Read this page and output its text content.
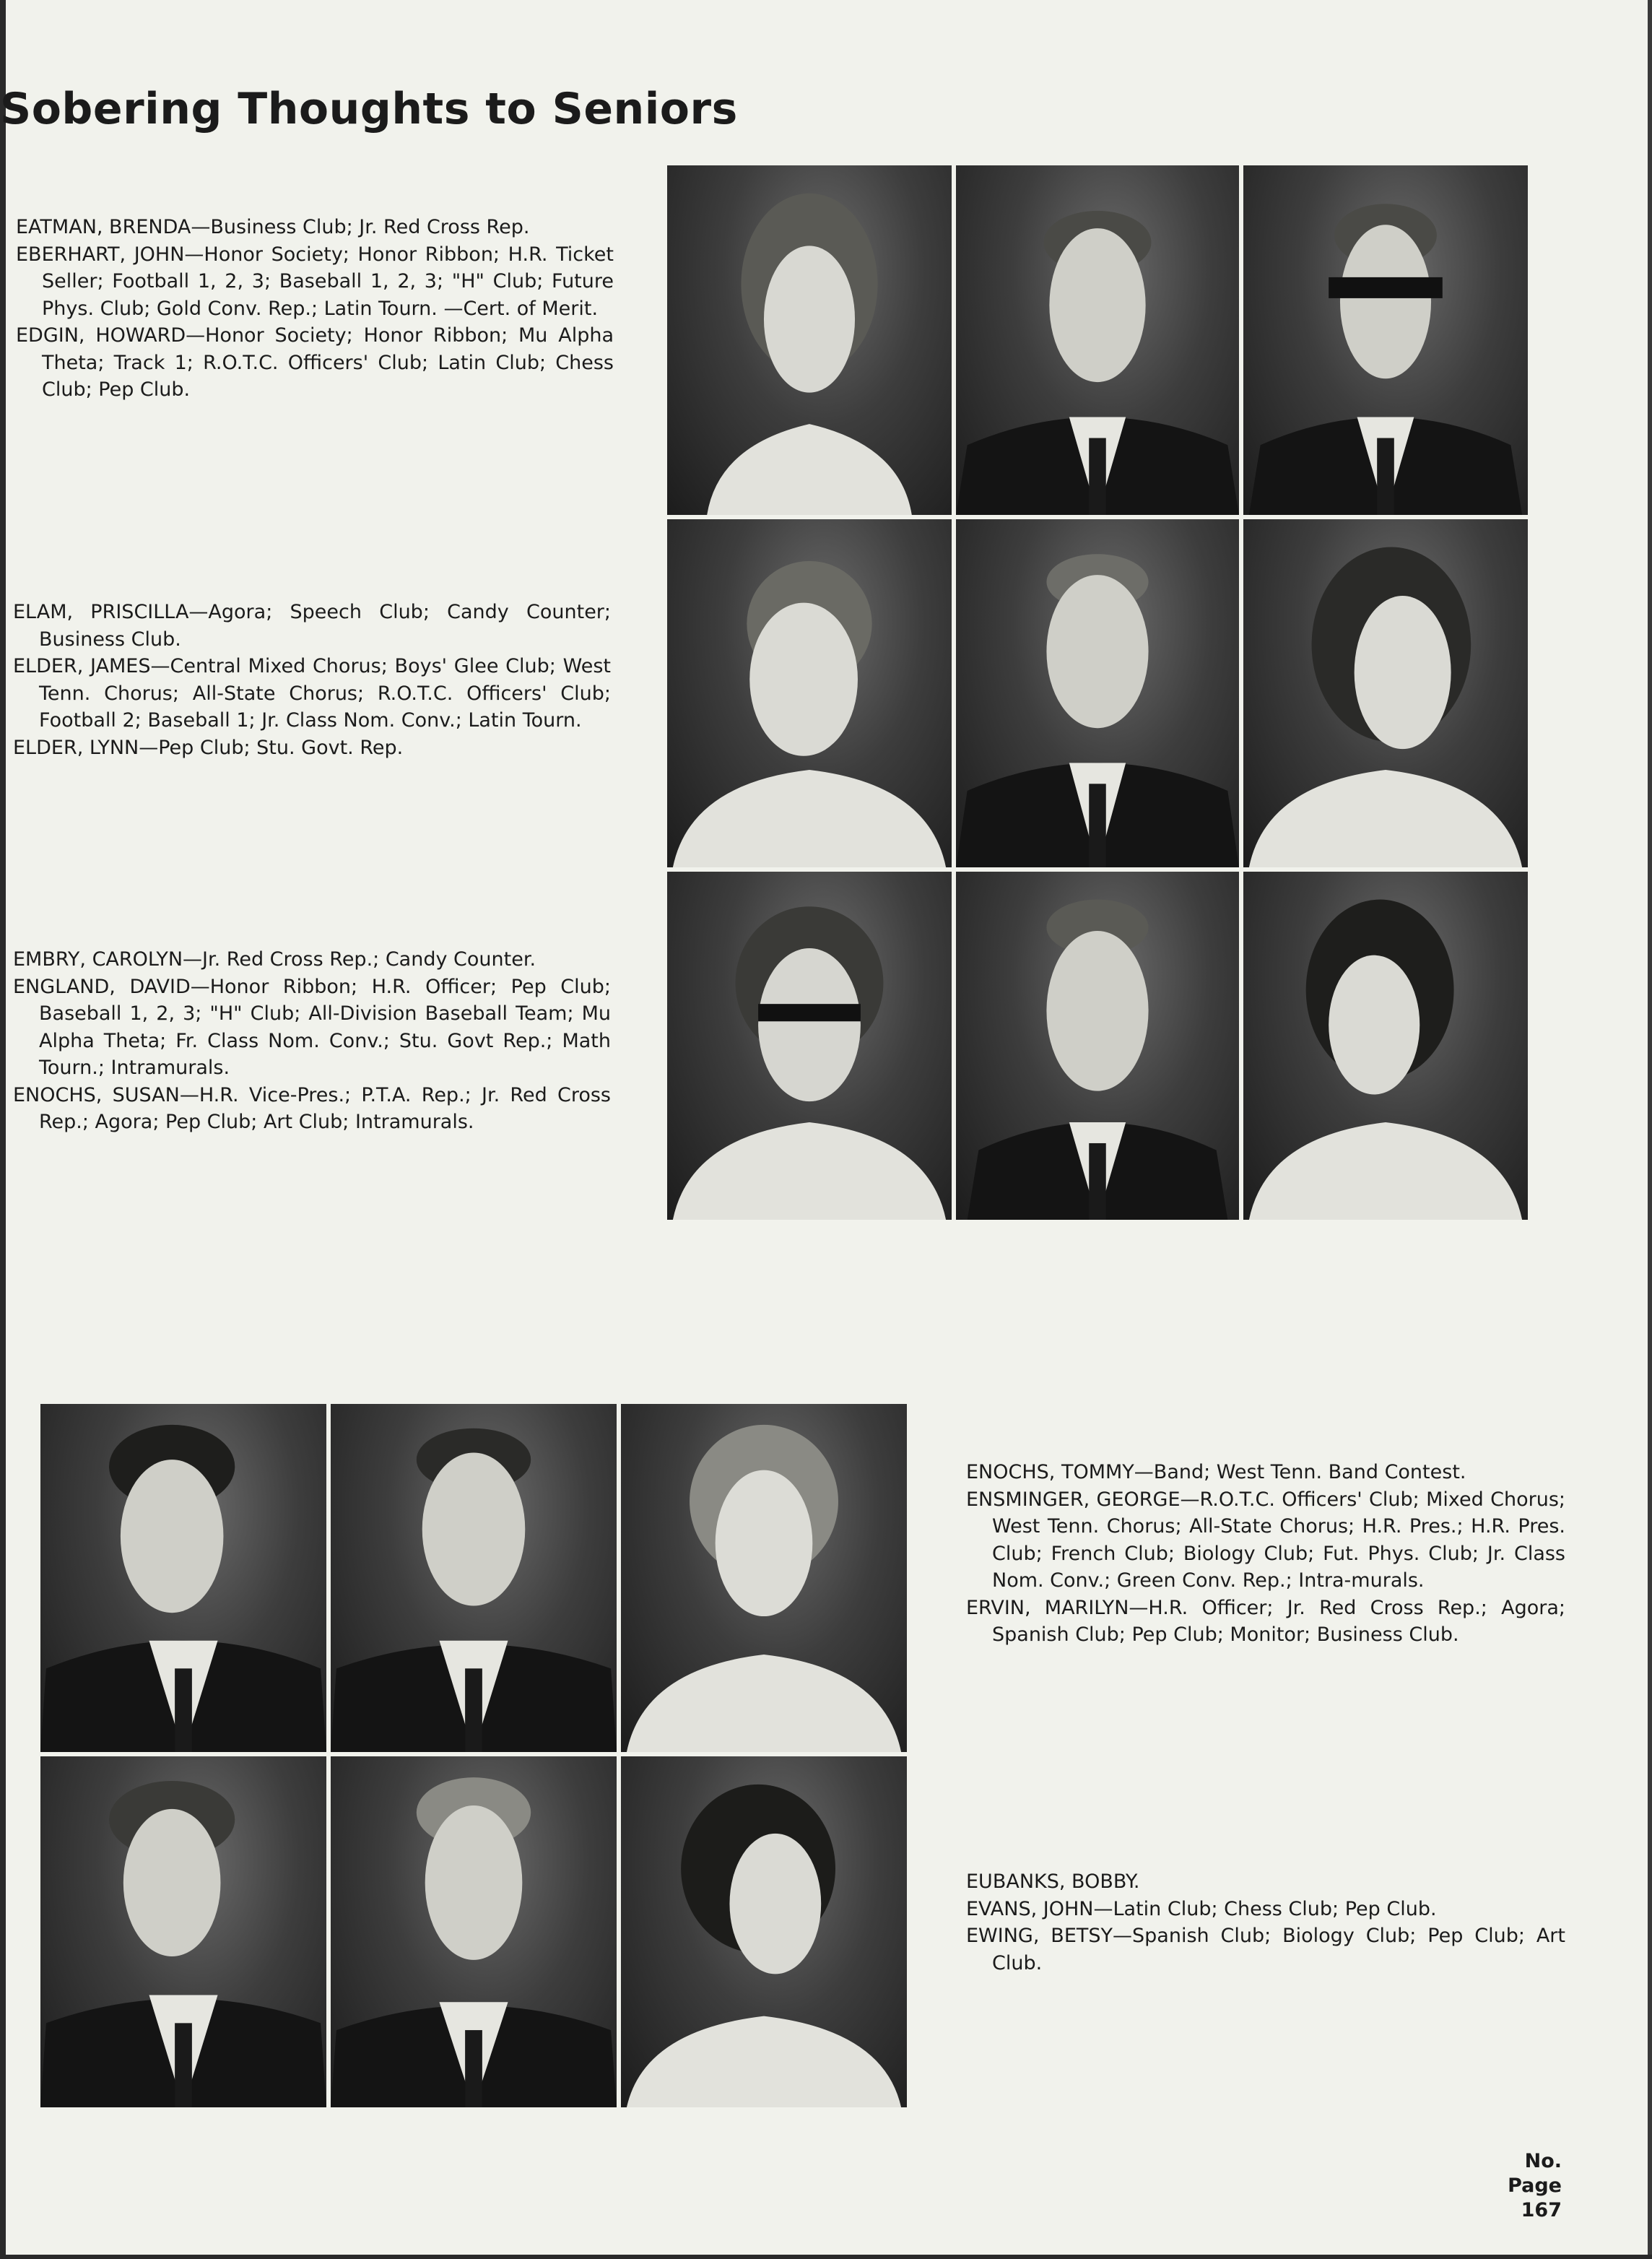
Sobering Thoughts to Seniors

EATMAN, BRENDA—Business Club; Jr. Red Cross Rep.

EBERHART, JOHN—Honor Society; Honor Ribbon; H.R. Ticket Seller; Football 1, 2, 3; Baseball 1, 2, 3; "H" Club; Future Phys. Club; Gold Conv. Rep.; Latin Tourn. —Cert. of Merit.

EDGIN, HOWARD—Honor Society; Honor Ribbon; Mu Alpha Theta; Track 1; R.O.T.C. Officers' Club; Latin Club; Chess Club; Pep Club.

ELAM, PRISCILLA—Agora; Speech Club; Candy Counter; Business Club.

ELDER, JAMES—Central Mixed Chorus; Boys' Glee Club; West Tenn. Chorus; All-State Chorus; R.O.T.C. Officers' Club; Football 2; Baseball 1; Jr. Class Nom. Conv.; Latin Tourn.

ELDER, LYNN—Pep Club; Stu. Govt. Rep.

EMBRY, CAROLYN—Jr. Red Cross Rep.; Candy Counter.

ENGLAND, DAVID—Honor Ribbon; H.R. Officer; Pep Club; Baseball 1, 2, 3; "H" Club; All-Division Baseball Team; Mu Alpha Theta; Fr. Class Nom. Conv.; Stu. Govt Rep.; Math Tourn.; Intramurals.

ENOCHS, SUSAN—H.R. Vice-Pres.; P.T.A. Rep.; Jr. Red Cross Rep.; Agora; Pep Club; Art Club; Intramurals.

ENOCHS, TOMMY—Band; West Tenn. Band Contest.

ENSMINGER, GEORGE—R.O.T.C. Officers' Club; Mixed Chorus; West Tenn. Chorus; All-State Chorus; H.R. Pres.; H.R. Pres. Club; French Club; Biology Club; Fut. Phys. Club; Jr. Class Nom. Conv.; Green Conv. Rep.; Intra-murals.

ERVIN, MARILYN—H.R. Officer; Jr. Red Cross Rep.; Agora; Spanish Club; Pep Club; Monitor; Business Club.

EUBANKS, BOBBY.

EVANS, JOHN—Latin Club; Chess Club; Pep Club.

EWING, BETSY—Spanish Club; Biology Club; Pep Club; Art Club.

No.
Page
167
